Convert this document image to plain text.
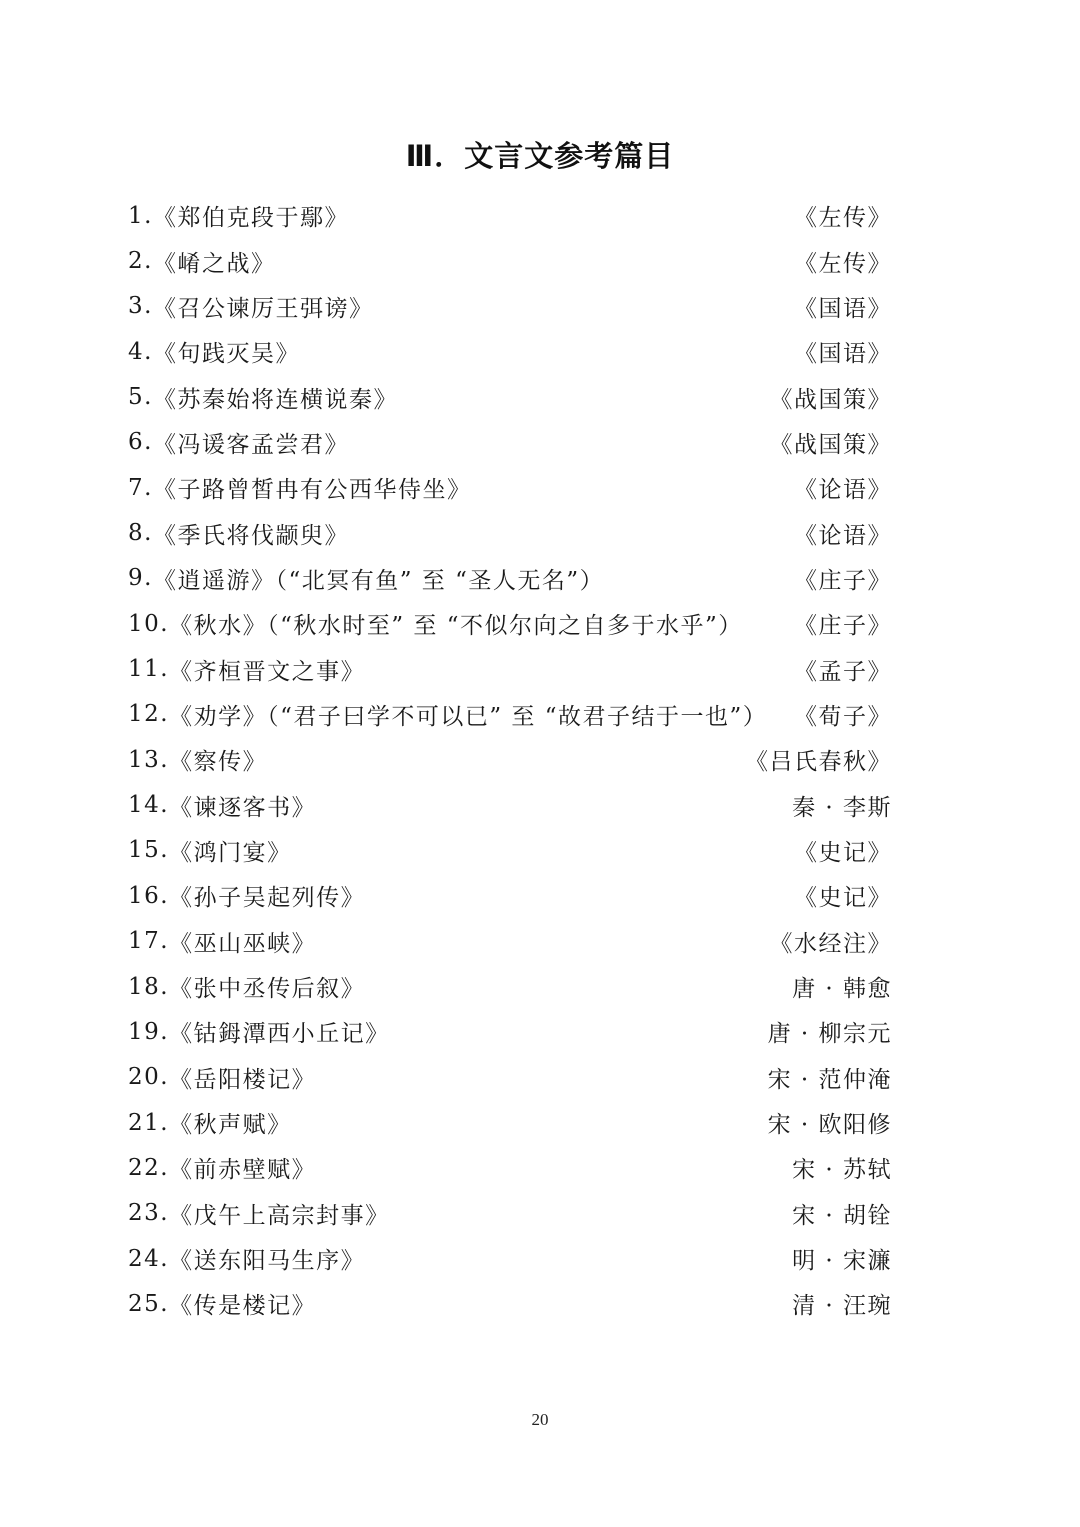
Ⅲ．文言文参考篇目
1. 《郑伯克段于鄢》	《左传》
2. 《崤之战》	《左传》
3. 《召公谏厉王弭谤》	《国语》
4. 《句践灭吴》	《国语》
5. 《苏秦始将连横说秦》	《战国策》
6. 《冯谖客孟尝君》	《战国策》
7. 《子路曾皙冉有公西华侍坐》	《论语》
8. 《季氏将伐颛臾》	《论语》
9. 《逍遥游》（“北冥有鱼” 至 “圣人无名”）	《庄子》
10. 《秋水》（“秋水时至” 至 “不似尔向之自多于水乎”） 《庄子》
11. 《齐桓晋文之事》	《孟子》
12. 《劝学》（“君子曰学不可以已” 至 “故君子结于一也”） 《荀子》
13. 《察传》	《吕氏春秋》
14. 《谏逐客书》	秦 · 李斯
15. 《鸿门宴》	《史记》
16. 《孙子吴起列传》	《史记》
17. 《巫山巫峡》	《水经注》
18. 《张中丞传后叙》	唐 · 韩愈
19. 《钴鉧潭西小丘记》	唐 · 柳宗元
20. 《岳阳楼记》	宋 · 范仲淹
21. 《秋声赋》	宋 · 欧阳修
22. 《前赤壁赋》	宋 · 苏轼
23. 《戊午上高宗封事》	宋 · 胡铨
24. 《送东阳马生序》	明 · 宋濂
25. 《传是楼记》	清 · 汪琬
20
